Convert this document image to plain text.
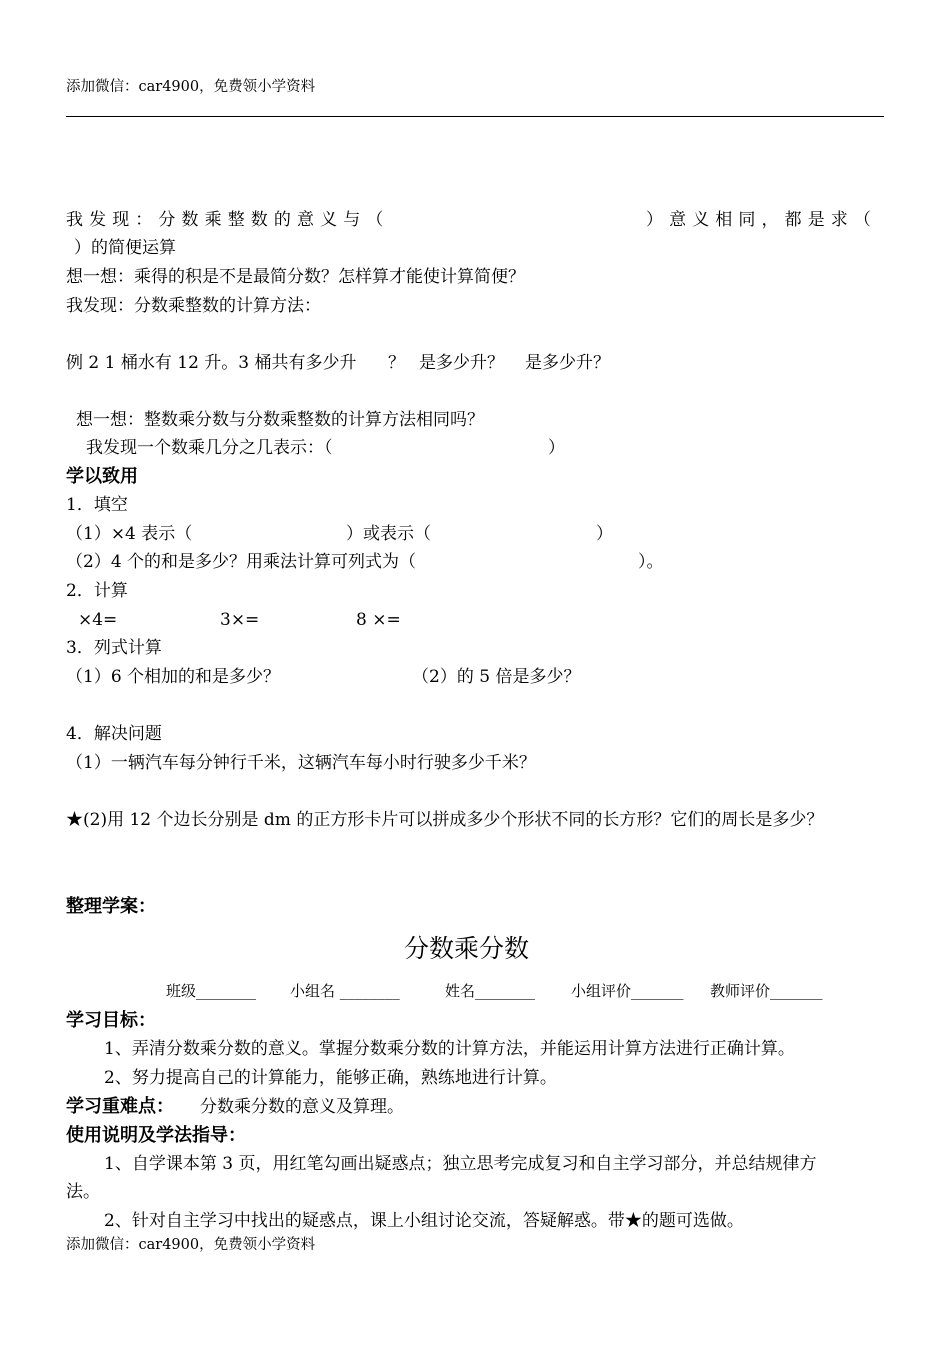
添加微信：car4900，免费领小学资料
我发现：分数乘整数的意义与（	）意义相同，都是求（
）的简便运算
想一想：乘得的积是不是最简分数？怎样算才能使计算简便？
我发现：分数乘整数的计算方法：
例 2 1 桶水有 12 升。3 桶共有多少升 ？ 是多少升？ 是多少升？
想一想：整数乘分数与分数乘整数的计算方法相同吗？
我发现一个数乘几分之几表示：（	）
学以致用
1．填空
（1）×4 表示（	）或表示（	）
（2）4 个的和是多少？用乘法计算可列式为（	）。
2．计算
×4=	3×=	8 ×=
3．列式计算
（1）6 个相加的和是多少？	（2）的 5 倍是多少？
4．解决问题
（1）一辆汽车每分钟行千米，这辆汽车每小时行驶多少千米？
★(2)用 12 个边长分别是 dm 的正方形卡片可以拼成多少个形状不同的长方形？它们的周长是多少？
整理学案：
分数乘分数
班级________ 小组名 ________	姓名________ 小组评价_______ 教师评价_______
学习目标：
1、弄清分数乘分数的意义。掌握分数乘分数的计算方法，并能运用计算方法进行正确计算。
2、努力提高自己的计算能力，能够正确，熟练地进行计算。
学习重难点： 分数乘分数的意义及算理。
使用说明及学法指导：
1、自学课本第 3 页，用红笔勾画出疑惑点；独立思考完成复习和自主学习部分，并总结规律方
法。
2、针对自主学习中找出的疑惑点，课上小组讨论交流，答疑解惑。带★的题可选做。
添加微信：car4900，免费领小学资料
